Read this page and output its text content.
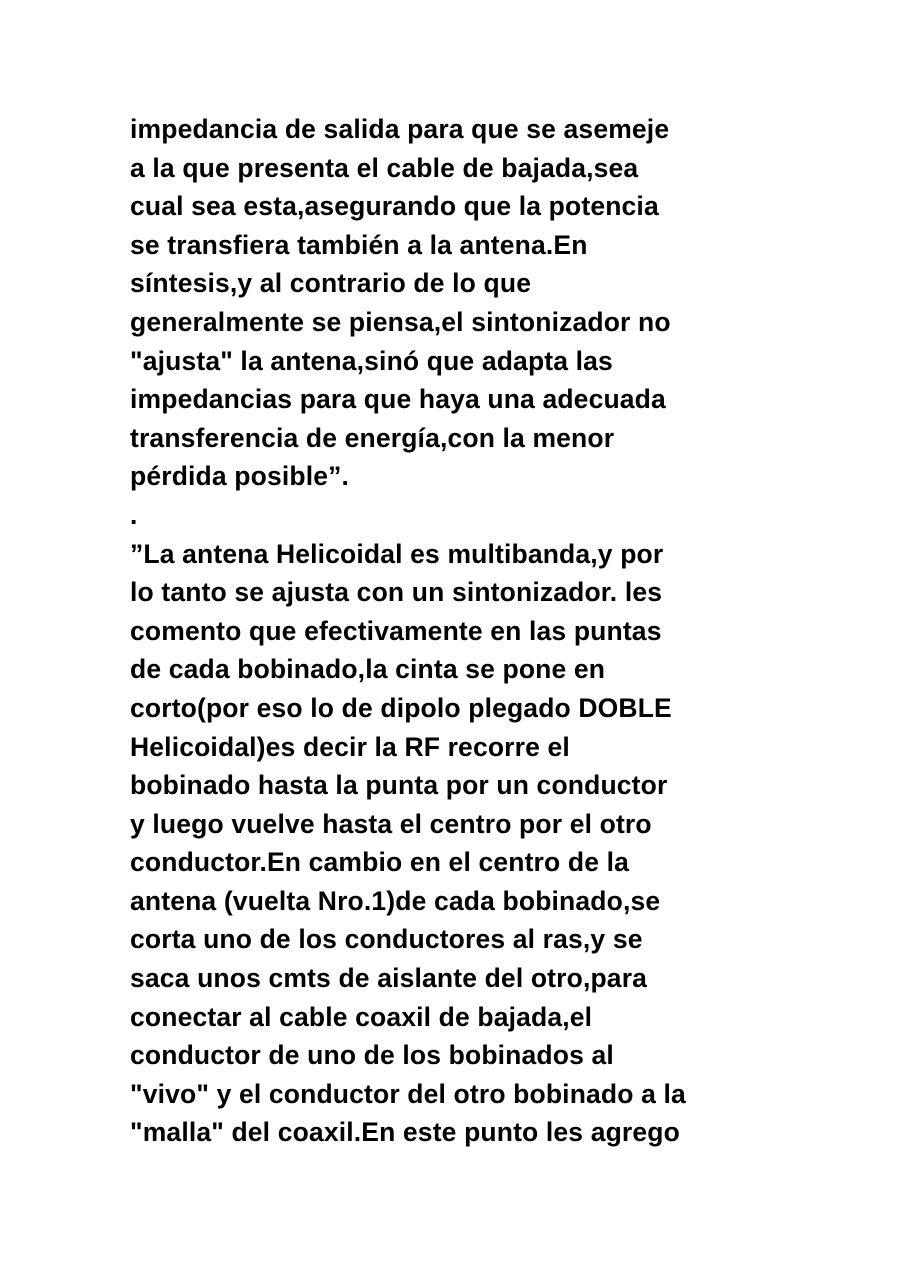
impedancia de salida para que se asemeje
a la que presenta el cable de bajada,sea
cual sea esta,asegurando que la potencia
se transfiera también a la antena.En
síntesis,y al contrario de lo que
generalmente se piensa,el sintonizador no
"ajusta" la antena,sinó que adapta las
impedancias para que haya una adecuada
transferencia de energía,con la menor
pérdida posible”.
.
”La antena Helicoidal es multibanda,y por
lo tanto se ajusta con un sintonizador. les
comento que efectivamente en las puntas
de cada bobinado,la cinta se pone en
corto(por eso lo de dipolo plegado DOBLE
Helicoidal)es decir la RF recorre el
bobinado hasta la punta por un conductor
y luego vuelve hasta el centro por el otro
conductor.En cambio en el centro de la
antena (vuelta Nro.1)de cada bobinado,se
corta uno de los conductores al ras,y se
saca unos cmts de aislante del otro,para
conectar al cable coaxil de bajada,el
conductor de uno de los bobinados al
"vivo" y el conductor del otro bobinado a la
"malla" del coaxil.En este punto les agrego
